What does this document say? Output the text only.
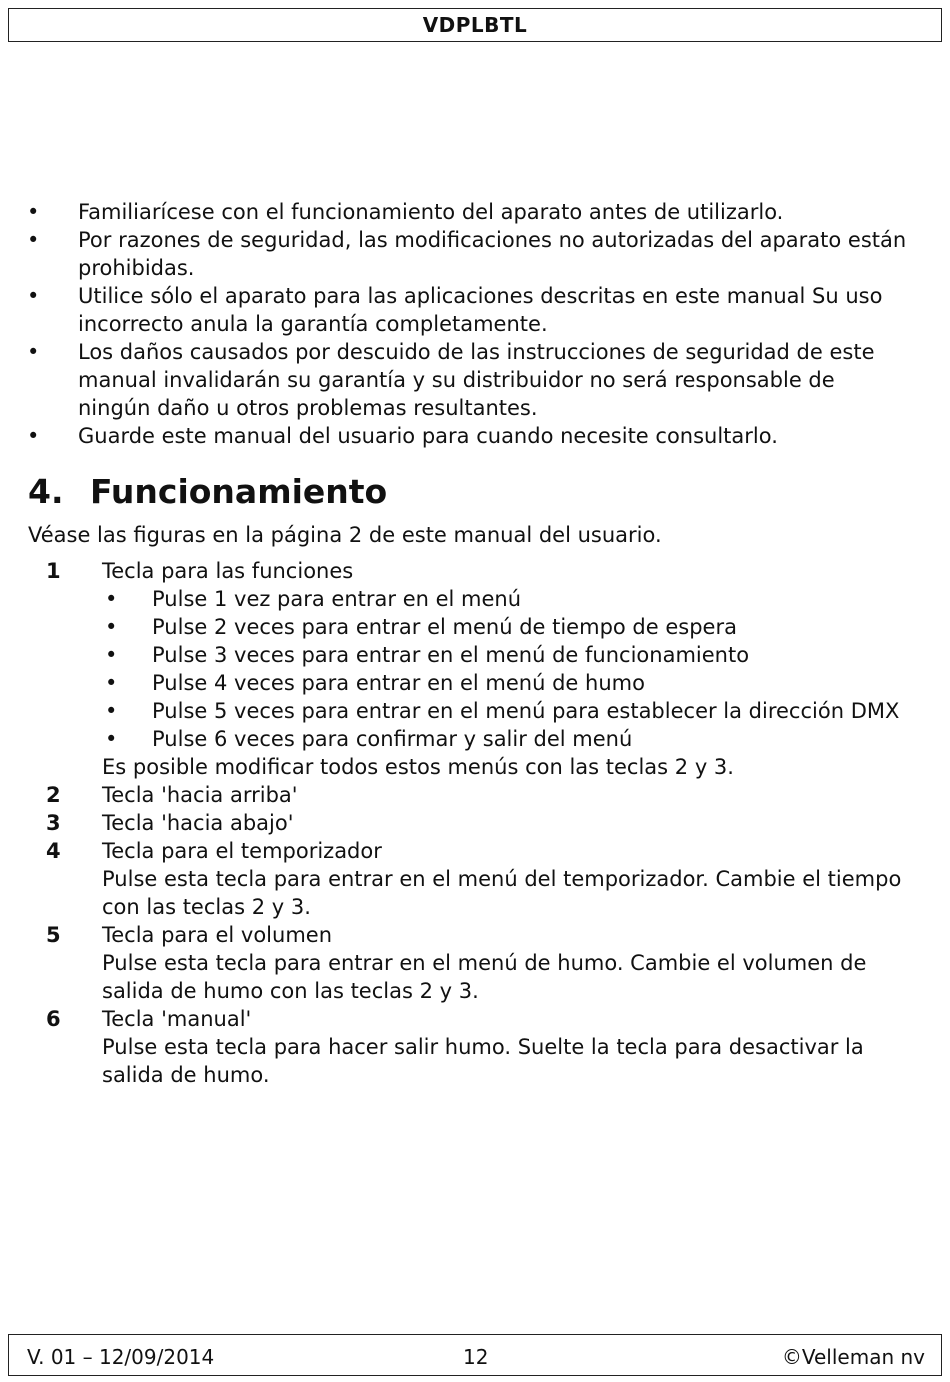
VDPLBTL
• Familiarícese con el funcionamiento del aparato antes de utilizarlo.
• Por razones de seguridad, las modificaciones no autorizadas del aparato están prohibidas.
• Utilice sólo el aparato para las aplicaciones descritas en este manual Su uso incorrecto anula la garantía completamente.
• Los daños causados por descuido de las instrucciones de seguridad de este manual invalidarán su garantía y su distribuidor no será responsable de ningún daño u otros problemas resultantes.
• Guarde este manual del usuario para cuando necesite consultarlo.
4. Funcionamiento
Véase las figuras en la página 2 de este manual del usuario.
1 Tecla para las funciones
• Pulse 1 vez para entrar en el menú
• Pulse 2 veces para entrar el menú de tiempo de espera
• Pulse 3 veces para entrar en el menú de funcionamiento
• Pulse 4 veces para entrar en el menú de humo
• Pulse 5 veces para entrar en el menú para establecer la dirección DMX
• Pulse 6 veces para confirmar y salir del menú
Es posible modificar todos estos menús con las teclas 2 y 3.
2 Tecla 'hacia arriba'
3 Tecla 'hacia abajo'
4 Tecla para el temporizador
Pulse esta tecla para entrar en el menú del temporizador. Cambie el tiempo con las teclas 2 y 3.
5 Tecla para el volumen
Pulse esta tecla para entrar en el menú de humo. Cambie el volumen de salida de humo con las teclas 2 y 3.
6 Tecla 'manual'
Pulse esta tecla para hacer salir humo. Suelte la tecla para desactivar la salida de humo.
V. 01 – 12/09/2014	12	©Velleman nv
